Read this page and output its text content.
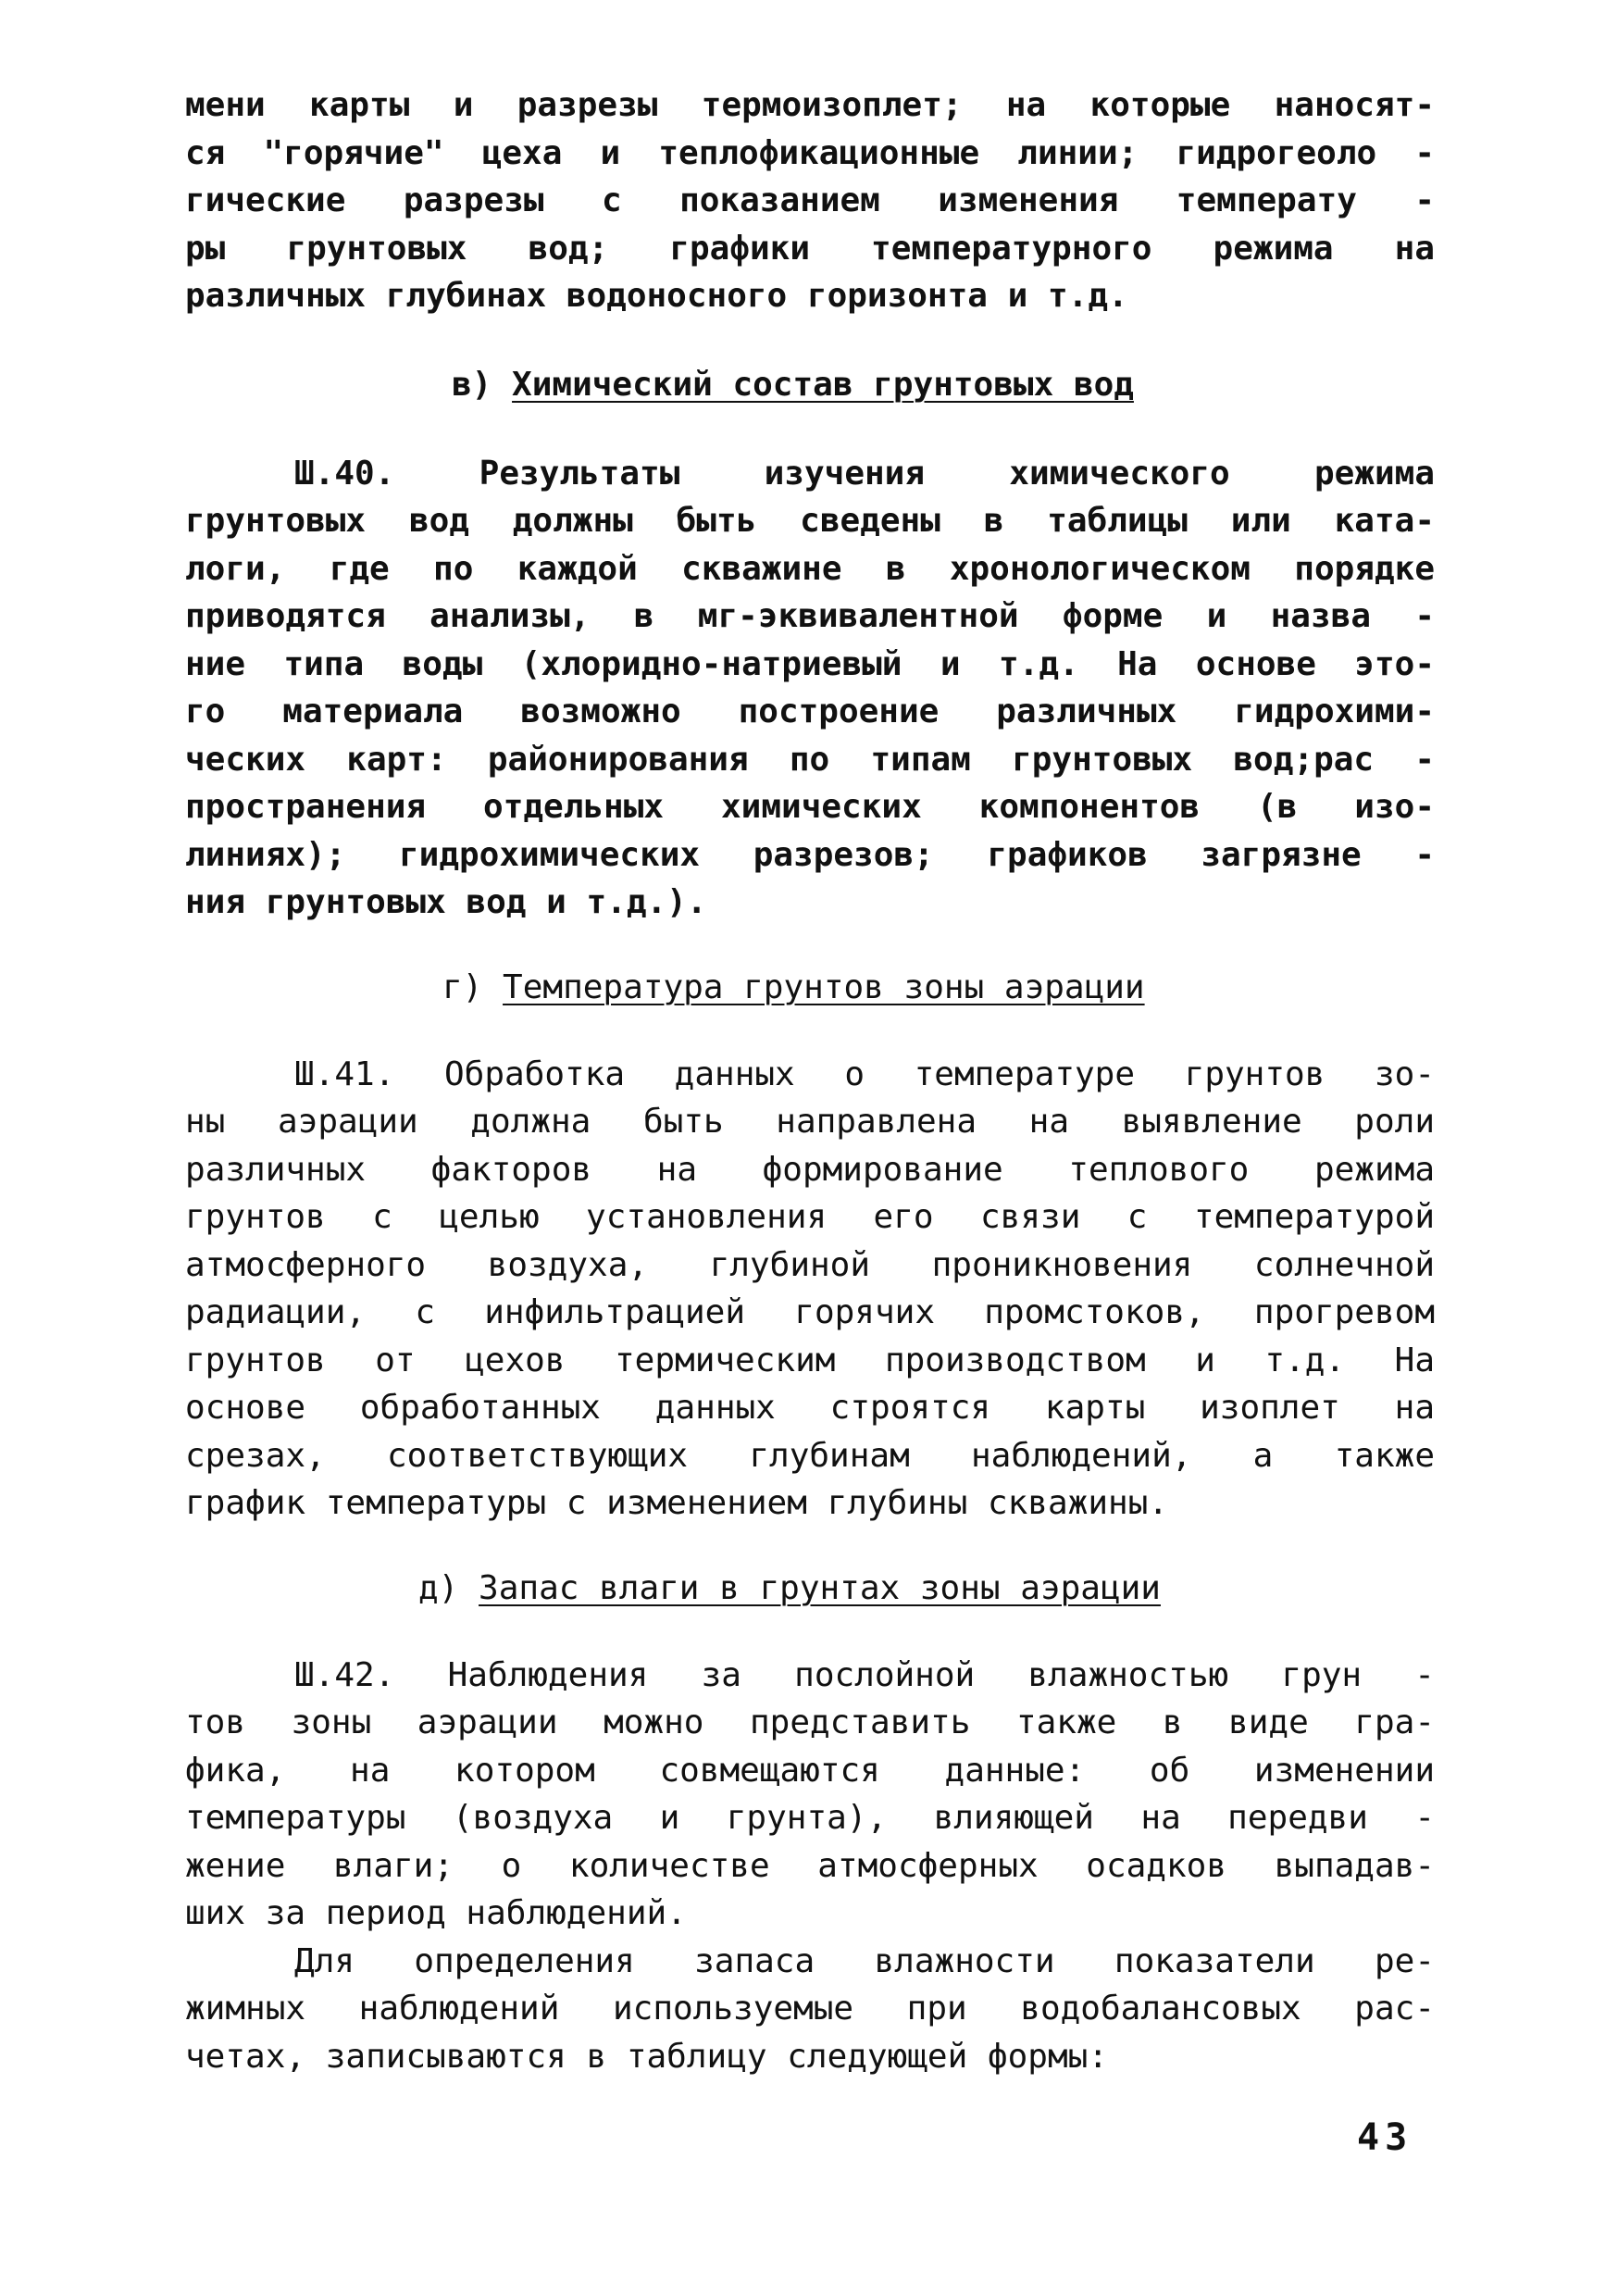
мени карты и разрезы термоизоплет; на которые наносят-
ся "горячие" цеха и теплофикационные линии; гидрогеоло -
гические разрезы с показанием изменения температу -
ры грунтовых вод; графики температурного режима на
различных глубинах водоносного горизонта и т.д.
в) Химический состав грунтовых вод
Ш.40.	Результаты изучения химического режима
грунтовых вод должны быть сведены в таблицы или ката-
логи, где по каждой скважине в хронологическом порядке
приводятся анализы, в мг-эквивалентной форме и назва -
ние типа воды (хлоридно-натриевый и т.д. На основе это-
го материала возможно построение различных гидрохими-
ческих карт: районирования по типам грунтовых вод;рас -
пространения отдельных химических компонентов (в изо-
линиях); гидрохимических разрезов; графиков загрязне -
ния грунтовых вод и т.д.).
г) Температура грунтов зоны аэрации
Ш.41. Обработка данных о температуре грунтов зо-
ны аэрации должна быть направлена на выявление роли
различных факторов на формирование теплового режима
грунтов с целью установления его связи с температурой
атмосферного воздуха, глубиной проникновения солнечной
радиации, с инфильтрацией горячих промстоков, прогревом
грунтов от цехов термическим производством и т.д. На
основе обработанных данных строятся карты изоплет на
срезах, соответствующих глубинам наблюдений, а также
график температуры с изменением глубины скважины.
д) Запас влаги в грунтах зоны аэрации
Ш.42. Наблюдения за послойной влажностью грун -
тов зоны аэрации можно представить также в виде гра-
фика, на котором совмещаются данные: об изменении
температуры (воздуха и грунта), влияющей на передви -
жение влаги; о количестве атмосферных осадков выпадав-
ших за период наблюдений.
Для определения запаса влажности показатели ре-
жимных наблюдений используемые при водобалансовых рас-
четах, записываются в таблицу следующей формы:
43
